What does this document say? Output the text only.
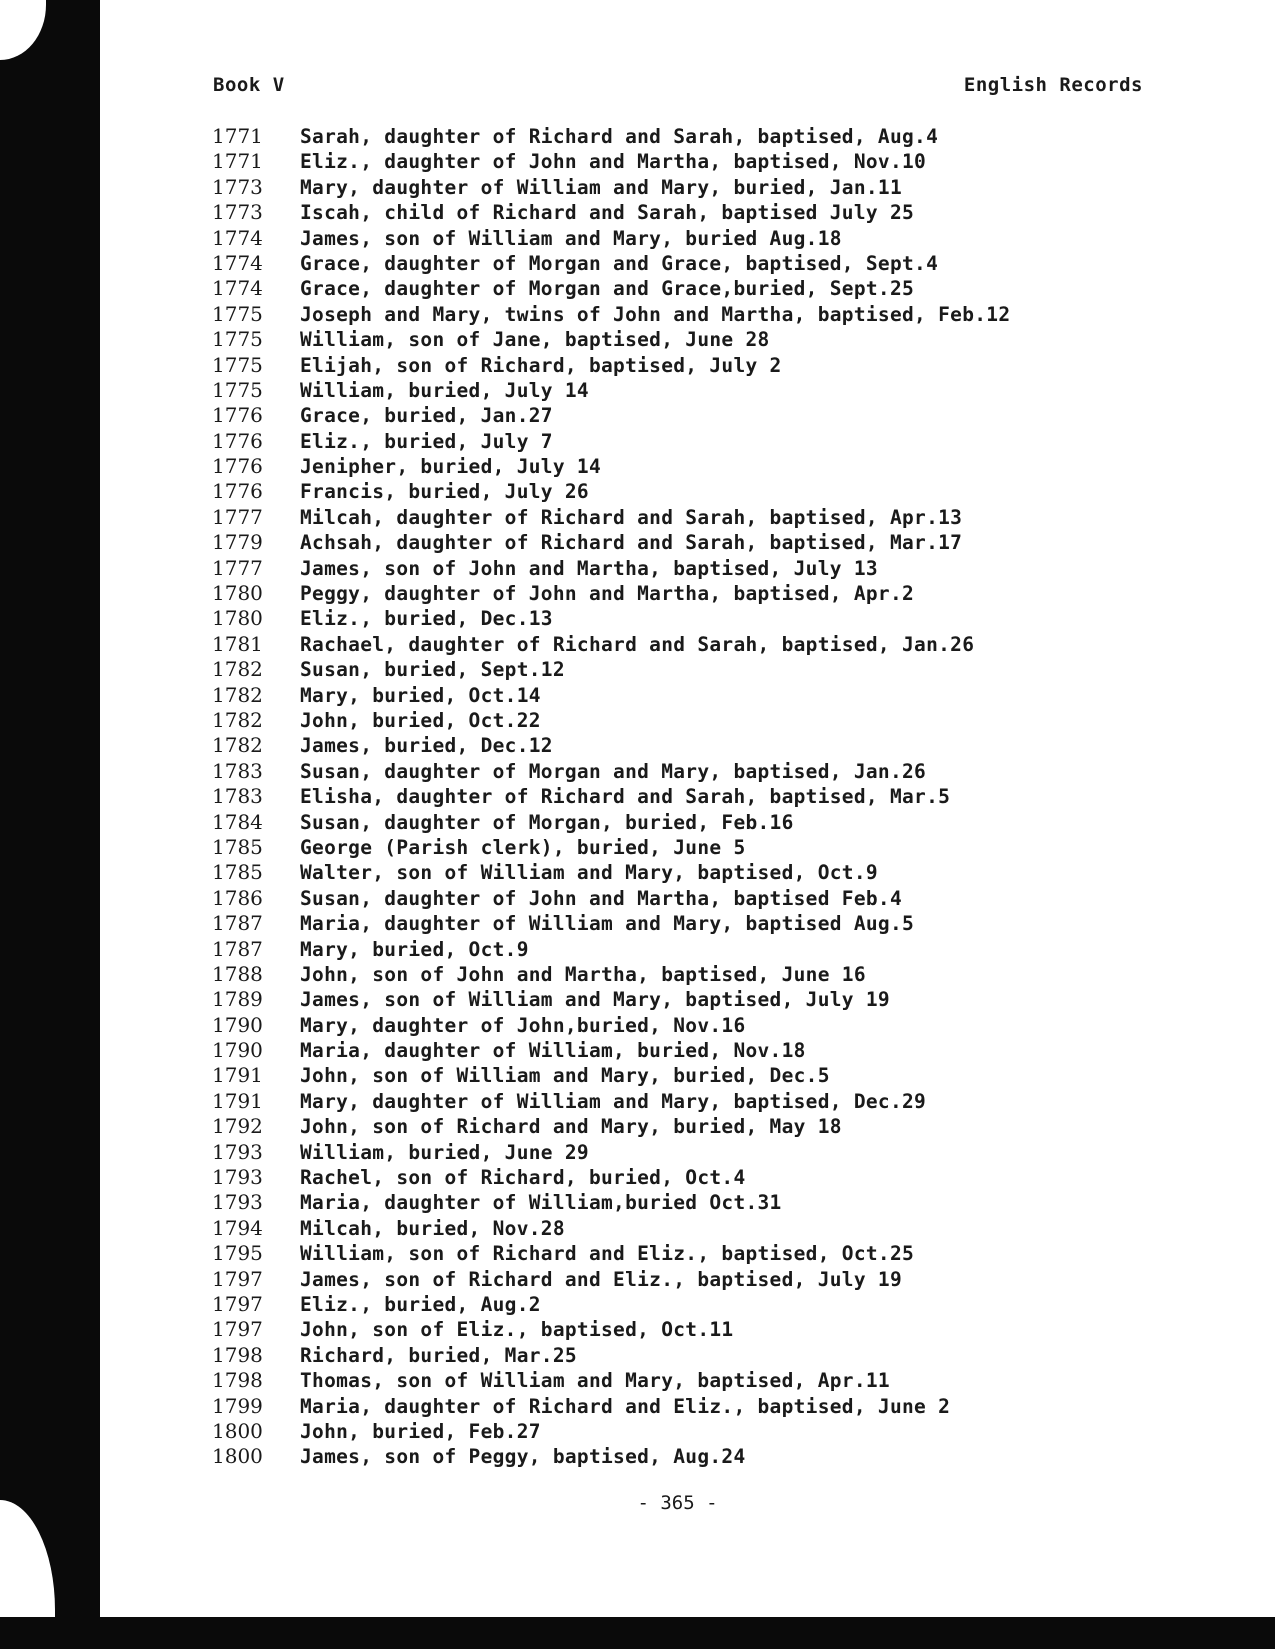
Book V	English Records
1771 Sarah, daughter of Richard and Sarah, baptised, Aug.4
1771 Eliz., daughter of John and Martha, baptised, Nov.10
1773 Mary, daughter of William and Mary, buried, Jan.11
1773 Iscah, child of Richard and Sarah, baptised July 25
1774 James, son of William and Mary, buried Aug.18
1774 Grace, daughter of Morgan and Grace, baptised, Sept.4
1774 Grace, daughter of Morgan and Grace,buried, Sept.25
1775 Joseph and Mary, twins of John and Martha, baptised, Feb.12
1775 William, son of Jane, baptised, June 28
1775 Elijah, son of Richard, baptised, July 2
1775 William, buried, July 14
1776 Grace, buried, Jan.27
1776 Eliz., buried, July 7
1776 Jenipher, buried, July 14
1776 Francis, buried, July 26
1777 Milcah, daughter of Richard and Sarah, baptised, Apr.13
1779 Achsah, daughter of Richard and Sarah, baptised, Mar.17
1777 James, son of John and Martha, baptised, July 13
1780 Peggy, daughter of John and Martha, baptised, Apr.2
1780 Eliz., buried, Dec.13
1781 Rachael, daughter of Richard and Sarah, baptised, Jan.26
1782 Susan, buried, Sept.12
1782 Mary, buried, Oct.14
1782 John, buried, Oct.22
1782 James, buried, Dec.12
1783 Susan, daughter of Morgan and Mary, baptised, Jan.26
1783 Elisha, daughter of Richard and Sarah, baptised, Mar.5
1784 Susan, daughter of Morgan, buried, Feb.16
1785 George (Parish clerk), buried, June 5
1785 Walter, son of William and Mary, baptised, Oct.9
1786 Susan, daughter of John and Martha, baptised Feb.4
1787 Maria, daughter of William and Mary, baptised Aug.5
1787 Mary, buried, Oct.9
1788 John, son of John and Martha, baptised, June 16
1789 James, son of William and Mary, baptised, July 19
1790 Mary, daughter of John,buried, Nov.16
1790 Maria, daughter of William, buried, Nov.18
1791 John, son of William and Mary, buried, Dec.5
1791 Mary, daughter of William and Mary, baptised, Dec.29
1792 John, son of Richard and Mary, buried, May 18
1793 William, buried, June 29
1793 Rachel, son of Richard, buried, Oct.4
1793 Maria, daughter of William,buried Oct.31
1794 Milcah, buried, Nov.28
1795 William, son of Richard and Eliz., baptised, Oct.25
1797 James, son of Richard and Eliz., baptised, July 19
1797 Eliz., buried, Aug.2
1797 John, son of Eliz., baptised, Oct.11
1798 Richard, buried, Mar.25
1798 Thomas, son of William and Mary, baptised, Apr.11
1799 Maria, daughter of Richard and Eliz., baptised, June 2
1800 John, buried, Feb.27
1800 James, son of Peggy, baptised, Aug.24
- 365 -
